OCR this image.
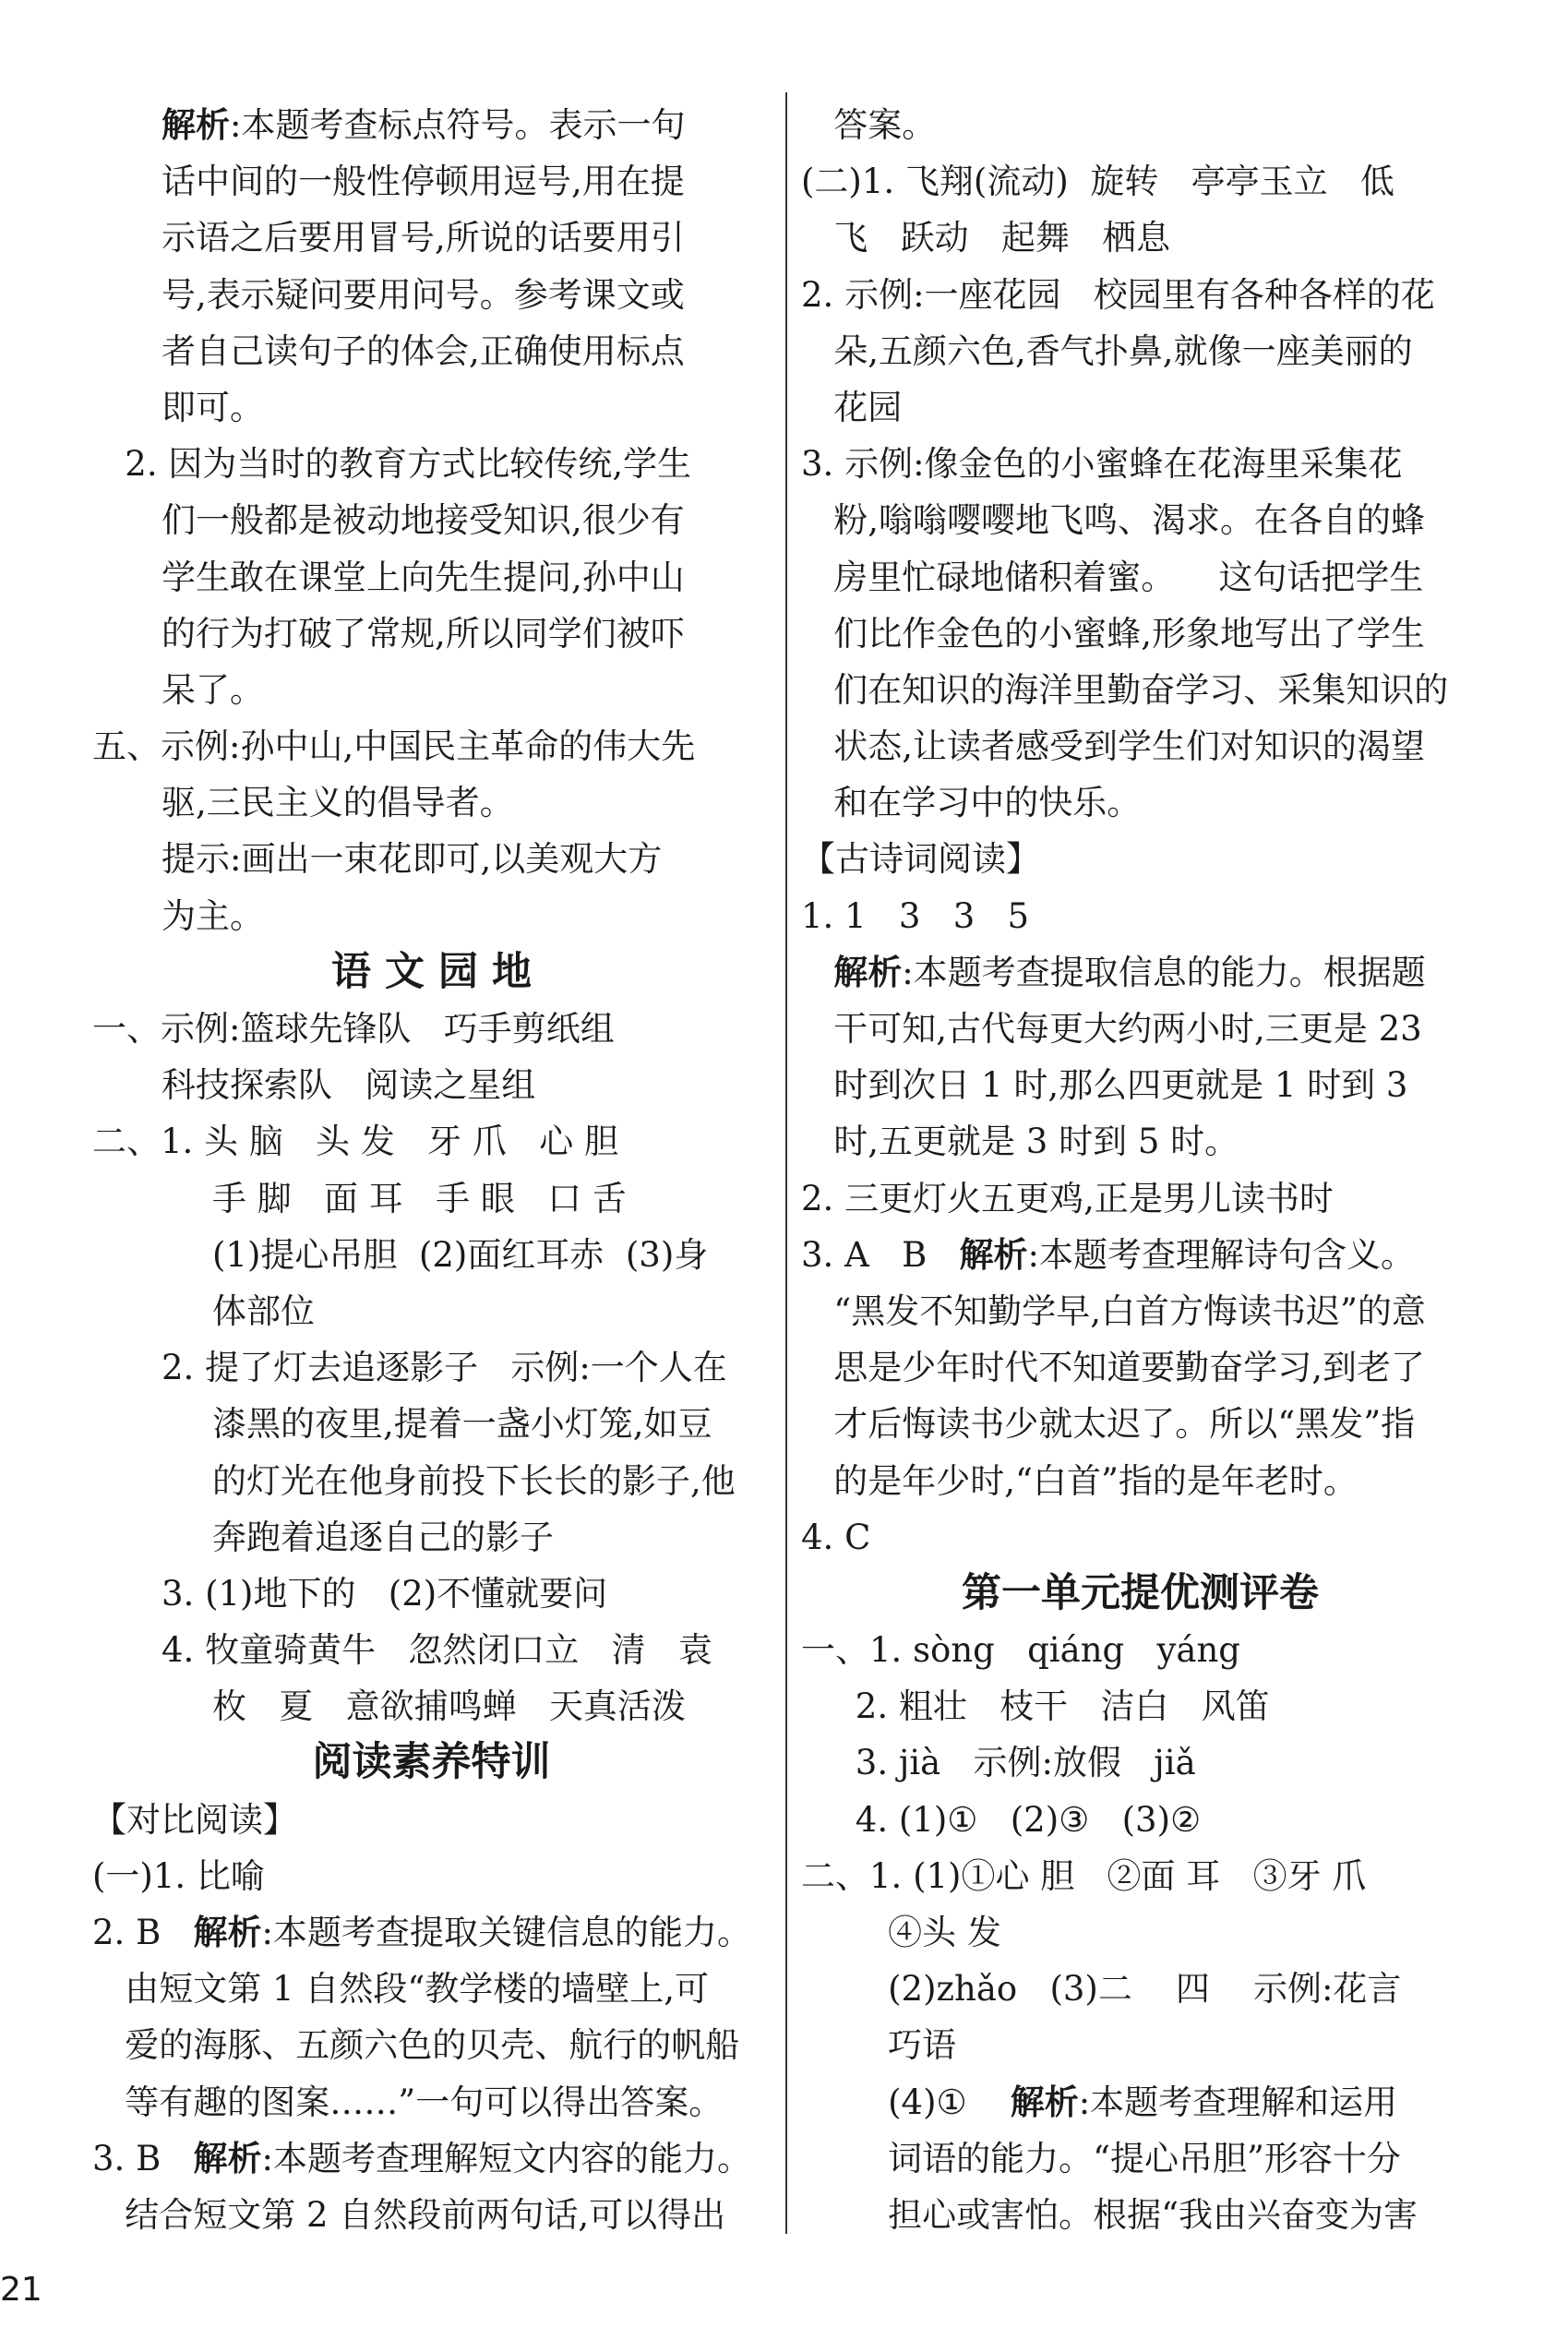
解析:本题考查标点符号。表示一句
话中间的一般性停顿用逗号,用在提
示语之后要用冒号,所说的话要用引
号,表示疑问要用问号。参考课文或
者自己读句子的体会,正确使用标点
即可。
2. 因为当时的教育方式比较传统,学生
们一般都是被动地接受知识,很少有
学生敢在课堂上向先生提问,孙中山
的行为打破了常规,所以同学们被吓
呆了。
五、示例:孙中山,中国民主革命的伟大先
驱,三民主义的倡导者。
提示:画出一束花即可,以美观大方
为主。
语 文 园 地
一、示例:篮球先锋队   巧手剪纸组
科技探索队   阅读之星组
二、1. 头 脑   头 发   牙 爪   心 胆
手 脚   面 耳   手 眼   口 舌
(1)提心吊胆  (2)面红耳赤  (3)身
体部位
2. 提了灯去追逐影子   示例:一个人在
漆黑的夜里,提着一盏小灯笼,如豆
的灯光在他身前投下长长的影子,他
奔跑着追逐自己的影子
3. (1)地下的   (2)不懂就要问
4. 牧童骑黄牛   忽然闭口立   清   袁
枚   夏   意欲捕鸣蝉   天真活泼
阅读素养特训
【对比阅读】
(一)1. 比喻
2. B   解析:本题考查提取关键信息的能力。
由短文第 1 自然段“教学楼的墙壁上,可
爱的海豚、五颜六色的贝壳、航行的帆船
等有趣的图案……”一句可以得出答案。
3. B   解析:本题考查理解短文内容的能力。
结合短文第 2 自然段前两句话,可以得出
答案。
(二)1. 飞翔(流动)  旋转   亭亭玉立   低
飞   跃动   起舞   栖息
2. 示例:一座花园   校园里有各种各样的花
朵,五颜六色,香气扑鼻,就像一座美丽的
花园
3. 示例:像金色的小蜜蜂在花海里采集花
粉,嗡嗡嘤嘤地飞鸣、渴求。在各自的蜂
房里忙碌地储积着蜜。    这句话把学生
们比作金色的小蜜蜂,形象地写出了学生
们在知识的海洋里勤奋学习、采集知识的
状态,让读者感受到学生们对知识的渴望
和在学习中的快乐。
【古诗词阅读】
1. 1   3   3   5
解析:本题考查提取信息的能力。根据题
干可知,古代每更大约两小时,三更是 23
时到次日 1 时,那么四更就是 1 时到 3
时,五更就是 3 时到 5 时。
2. 三更灯火五更鸡,正是男儿读书时
3. A   B   解析:本题考查理解诗句含义。
“黑发不知勤学早,白首方悔读书迟”的意
思是少年时代不知道要勤奋学习,到老了
才后悔读书少就太迟了。所以“黑发”指
的是年少时,“白首”指的是年老时。
4. C
第一单元提优测评卷
一、1. sòng   qiáng   yáng
2. 粗壮   枝干   洁白   风笛
3. jià   示例:放假   jiǎ
4. (1)①   (2)③   (3)②
二、1. (1)①心 胆   ②面 耳   ③牙 爪
④头 发
(2)zhǎo   (3)二    四    示例:花言
巧语
(4)①    解析:本题考查理解和运用
词语的能力。“提心吊胆”形容十分
担心或害怕。根据“我由兴奋变为害
21
